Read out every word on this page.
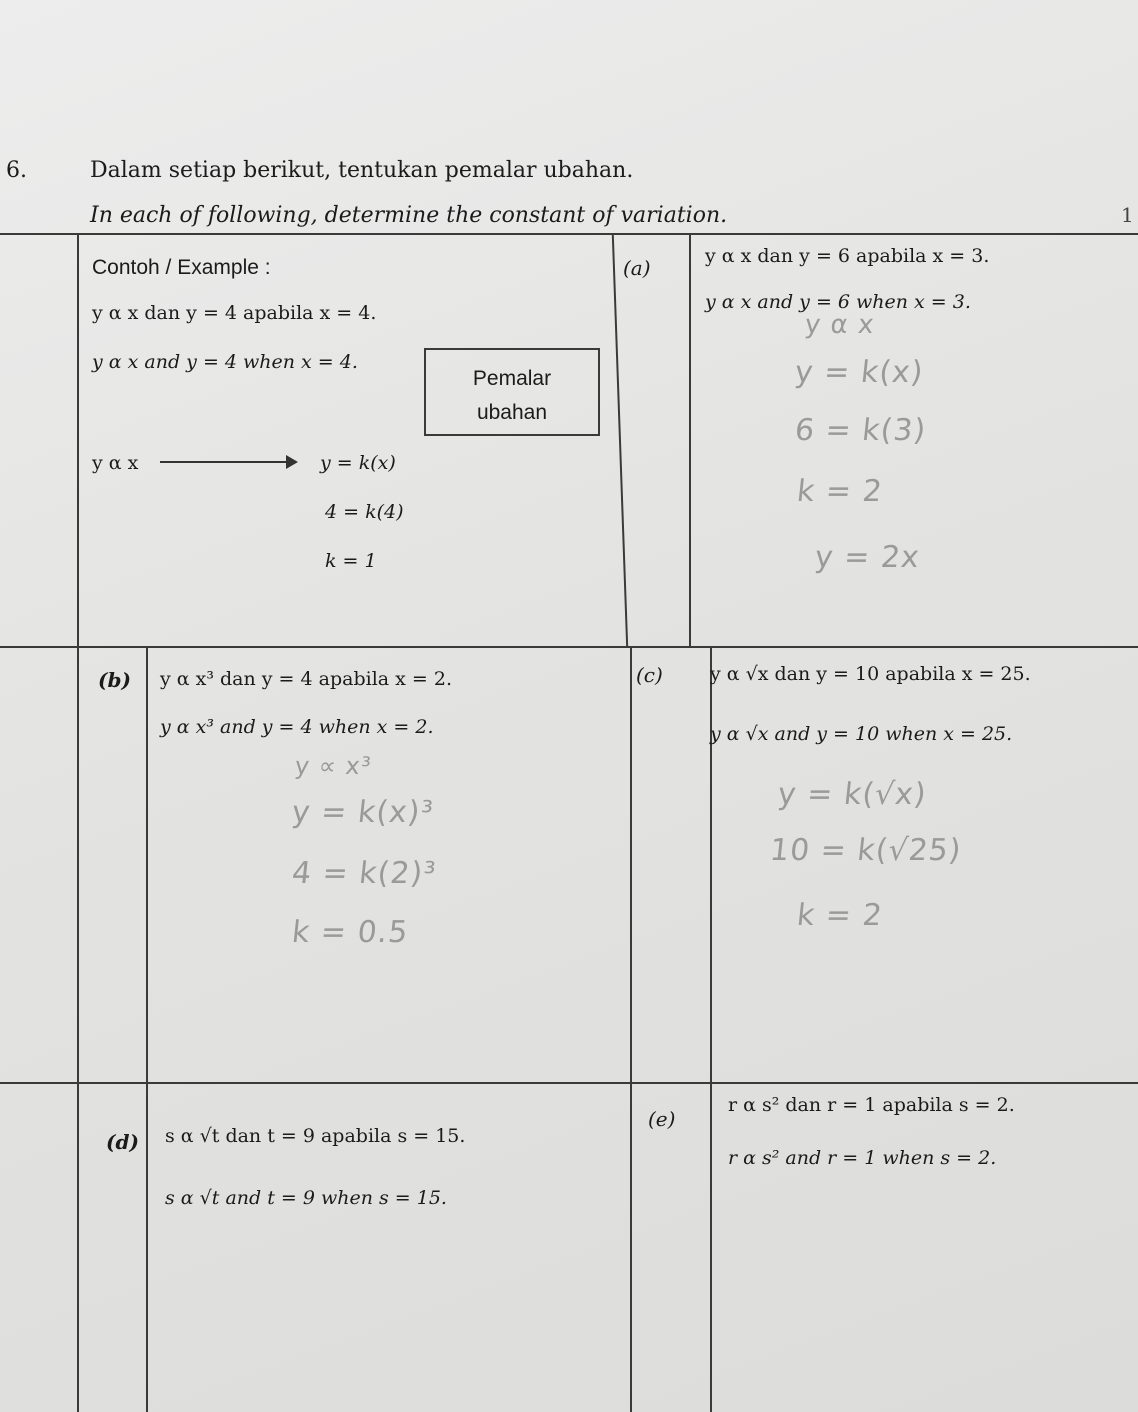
6.	Dalam setiap berikut, tentukan pemalar ubahan.
In each of following, determine the constant of variation.	1
Contoh / Example :
y α x dan y = 4 apabila x = 4.
y α x and y = 4 when x = 4.
Pemalar
ubahan
y α x	y = k(x)
4 = k(4)
k = 1
(a)	y α x dan y = 6 apabila x = 3.
y α x and y = 6 when x = 3.
y α x
y = k(x)
6 = k(3)
k = 2
y = 2x
(b) y α x³ dan y = 4 apabila x = 2.
y α x³ and y = 4 when x = 2.
y ∝ x³
y = k(x)³
4 = k(2)³
k = 0.5
(c) y α √x dan y = 10 apabila x = 25.
y α √x and y = 10 when x = 25.
y = k(√x)
10 = k(√25)
k = 2
(d) s α √t dan t = 9 apabila s = 15.
s α √t and t = 9 when s = 15.
(e)
r α s² dan r = 1 apabila s = 2.
r α s² and r = 1 when s = 2.
